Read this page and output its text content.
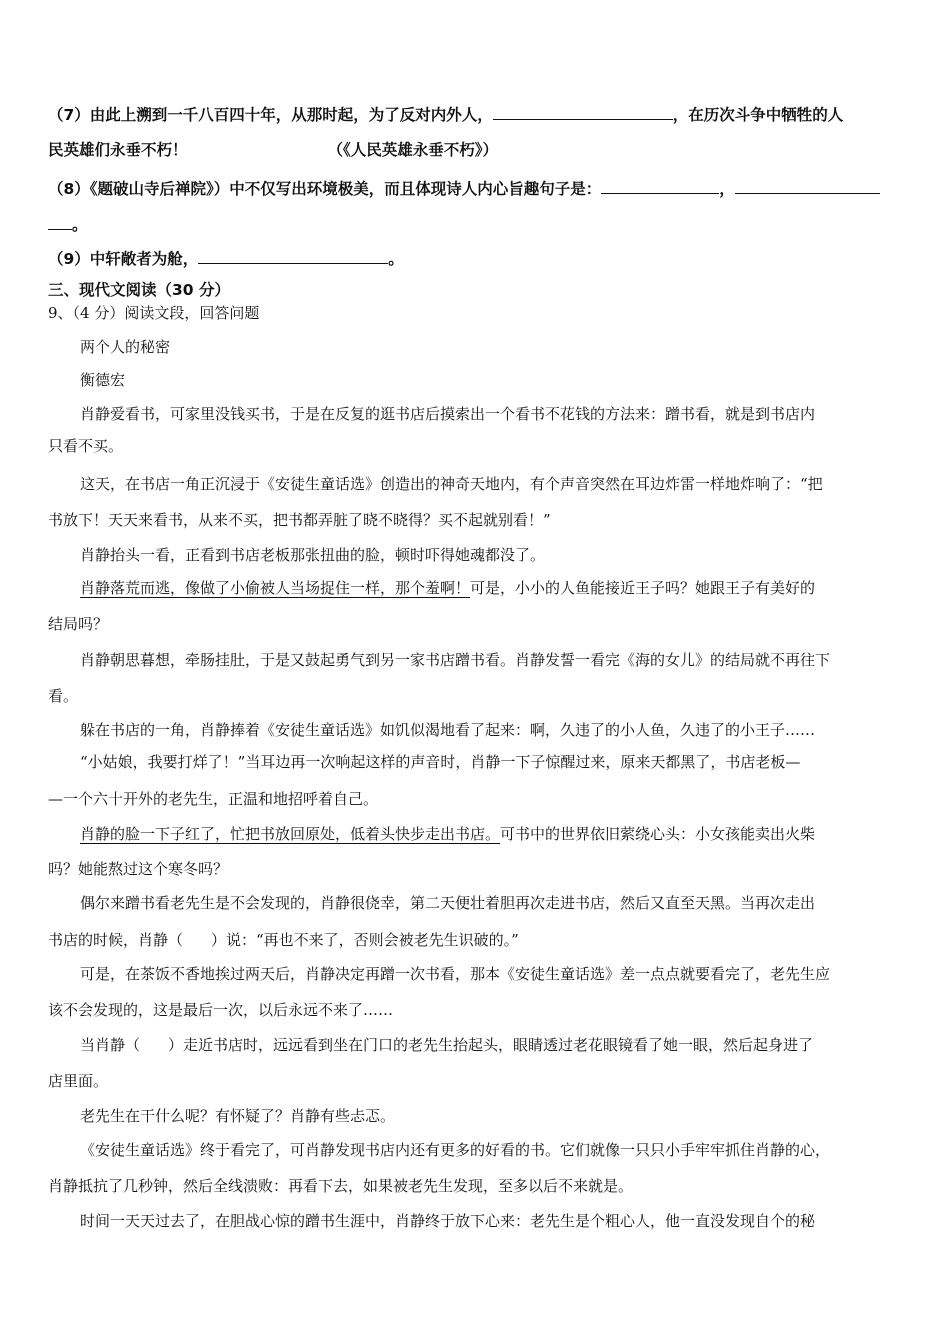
（7）由此上溯到一千八百四十年，从那时起，为了反对内外人，	，在历次斗争中牺牲的人
民英雄们永垂不朽！	（《人民英雄永垂不朽》）
（8）《题破山寺后禅院》）中不仅写出环境极美，而且体现诗人内心旨趣句子是：	，
。
（9）中轩敞者为舱，	。
三、现代文阅读（30 分）
9、（4 分）阅读文段，回答问题
两个人的秘密
衡德宏
肖静爱看书，可家里没钱买书，于是在反复的逛书店后摸索出一个看书不花钱的方法来：蹭书看，就是到书店内
只看不买。
这天，在书店一角正沉浸于《安徒生童话选》创造出的神奇天地内，有个声音突然在耳边炸雷一样地炸响了：“把
书放下！天天来看书，从来不买，把书都弄脏了晓不晓得？买不起就别看！”
肖静抬头一看，正看到书店老板那张扭曲的脸，顿时吓得她魂都没了。
肖静落荒而逃，像做了小偷被人当场捉住一样，那个羞啊！可是，小小的人鱼能接近王子吗？她跟王子有美好的
结局吗？
肖静朝思暮想，牵肠挂肚，于是又鼓起勇气到另一家书店蹭书看。肖静发誓一看完《海的女儿》的结局就不再往下
看。
躲在书店的一角，肖静捧着《安徒生童话选》如饥似渴地看了起来：啊，久违了的小人鱼，久违了的小王子……
“小姑娘，我要打烊了！”当耳边再一次响起这样的声音时，肖静一下子惊醒过来，原来天都黑了，书店老板—
—一个六十开外的老先生，正温和地招呼着自己。
肖静的脸一下子红了，忙把书放回原处，低着头快步走出书店。可书中的世界依旧萦绕心头：小女孩能卖出火柴
吗？她能熬过这个寒冬吗？
偶尔来蹭书看老先生是不会发现的，肖静很侥幸，第二天便壮着胆再次走进书店，然后又直至天黑。当再次走出
书店的时候，肖静（ ）说：“再也不来了，否则会被老先生识破的。”
可是，在茶饭不香地挨过两天后，肖静决定再蹭一次书看，那本《安徒生童话选》差一点点就要看完了，老先生应
该不会发现的，这是最后一次，以后永远不来了……
当肖静（ ）走近书店时，远远看到坐在门口的老先生抬起头，眼睛透过老花眼镜看了她一眼，然后起身进了
店里面。
老先生在干什么呢？有怀疑了？肖静有些忐忑。
《安徒生童话选》终于看完了，可肖静发现书店内还有更多的好看的书。它们就像一只只小手牢牢抓住肖静的心，
肖静抵抗了几秒钟，然后全线溃败：再看下去，如果被老先生发现，至多以后不来就是。
时间一天天过去了，在胆战心惊的蹭书生涯中，肖静终于放下心来：老先生是个粗心人，他一直没发现自个的秘
